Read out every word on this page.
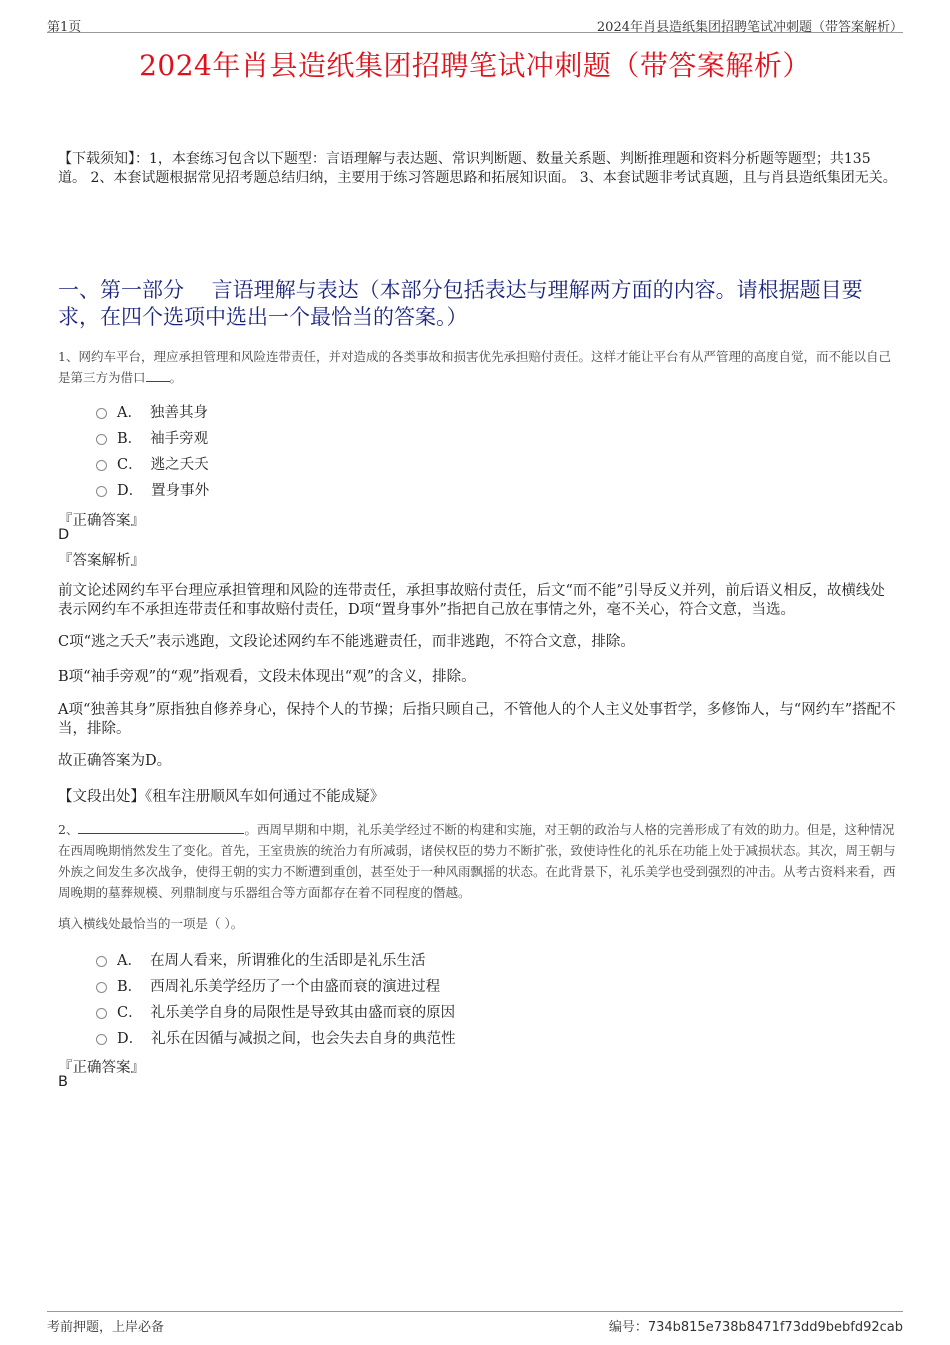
第1页	2024年肖县造纸集团招聘笔试冲刺题（带答案解析）
2024年肖县造纸集团招聘笔试冲刺题（带答案解析）
【下载须知】：1，本套练习包含以下题型：言语理解与表达题、常识判断题、数量关系题、判断推理题和资料分析题等题型；共135道。 2、本套试题根据常见招考题总结归纳，主要用于练习答题思路和拓展知识面。 3、本套试题非考试真题，且与肖县造纸集团无关。
一、第一部分　 言语理解与表达（本部分包括表达与理解两方面的内容。请根据题目要求，在四个选项中选出一个最恰当的答案。）
1、网约车平台，理应承担管理和风险连带责任，并对造成的各类事故和损害优先承担赔付责任。这样才能让平台有从严管理的高度自觉，而不能以自己是第三方为借口 。
A． 独善其身
B． 袖手旁观
C． 逃之夭夭
D． 置身事外
『正确答案』
D
『答案解析』
前文论述网约车平台理应承担管理和风险的连带责任，承担事故赔付责任，后文“而不能”引导反义并列，前后语义相反，故横线处表示网约车不承担连带责任和事故赔付责任，D项“置身事外”指把自己放在事情之外，毫不关心，符合文意，当选。
C项“逃之夭夭”表示逃跑，文段论述网约车不能逃避责任，而非逃跑，不符合文意，排除。
B项“袖手旁观”的“观”指观看，文段未体现出“观”的含义，排除。
A项“独善其身”原指独自修养身心，保持个人的节操；后指只顾自己，不管他人的个人主义处事哲学，多修饰人，与“网约车”搭配不当，排除。
故正确答案为D。
【文段出处】《租车注册顺风车如何通过不能成疑》
2、	。西周早期和中期，礼乐美学经过不断的构建和实施，对王朝的政治与人格的完善形成了有效的助力。但是，这种情况在西周晚期悄然发生了变化。首先，王室贵族的统治力有所减弱，诸侯权臣的势力不断扩张，致使诗性化的礼乐在功能上处于减损状态。其次，周王朝与外族之间发生多次战争，使得王朝的实力不断遭到重创，甚至处于一种风雨飘摇的状态。在此背景下，礼乐美学也受到强烈的冲击。从考古资料来看，西周晚期的墓葬规模、列鼎制度与乐器组合等方面都存在着不同程度的僭越。
填入横线处最恰当的一项是（ ）。
A． 在周人看来，所谓雅化的生活即是礼乐生活
B． 西周礼乐美学经历了一个由盛而衰的演进过程
C． 礼乐美学自身的局限性是导致其由盛而衰的原因
D． 礼乐在因循与减损之间，也会失去自身的典范性
『正确答案』
B
考前押题，上岸必备	编号：734b815e738b8471f73dd9bebfd92cab
